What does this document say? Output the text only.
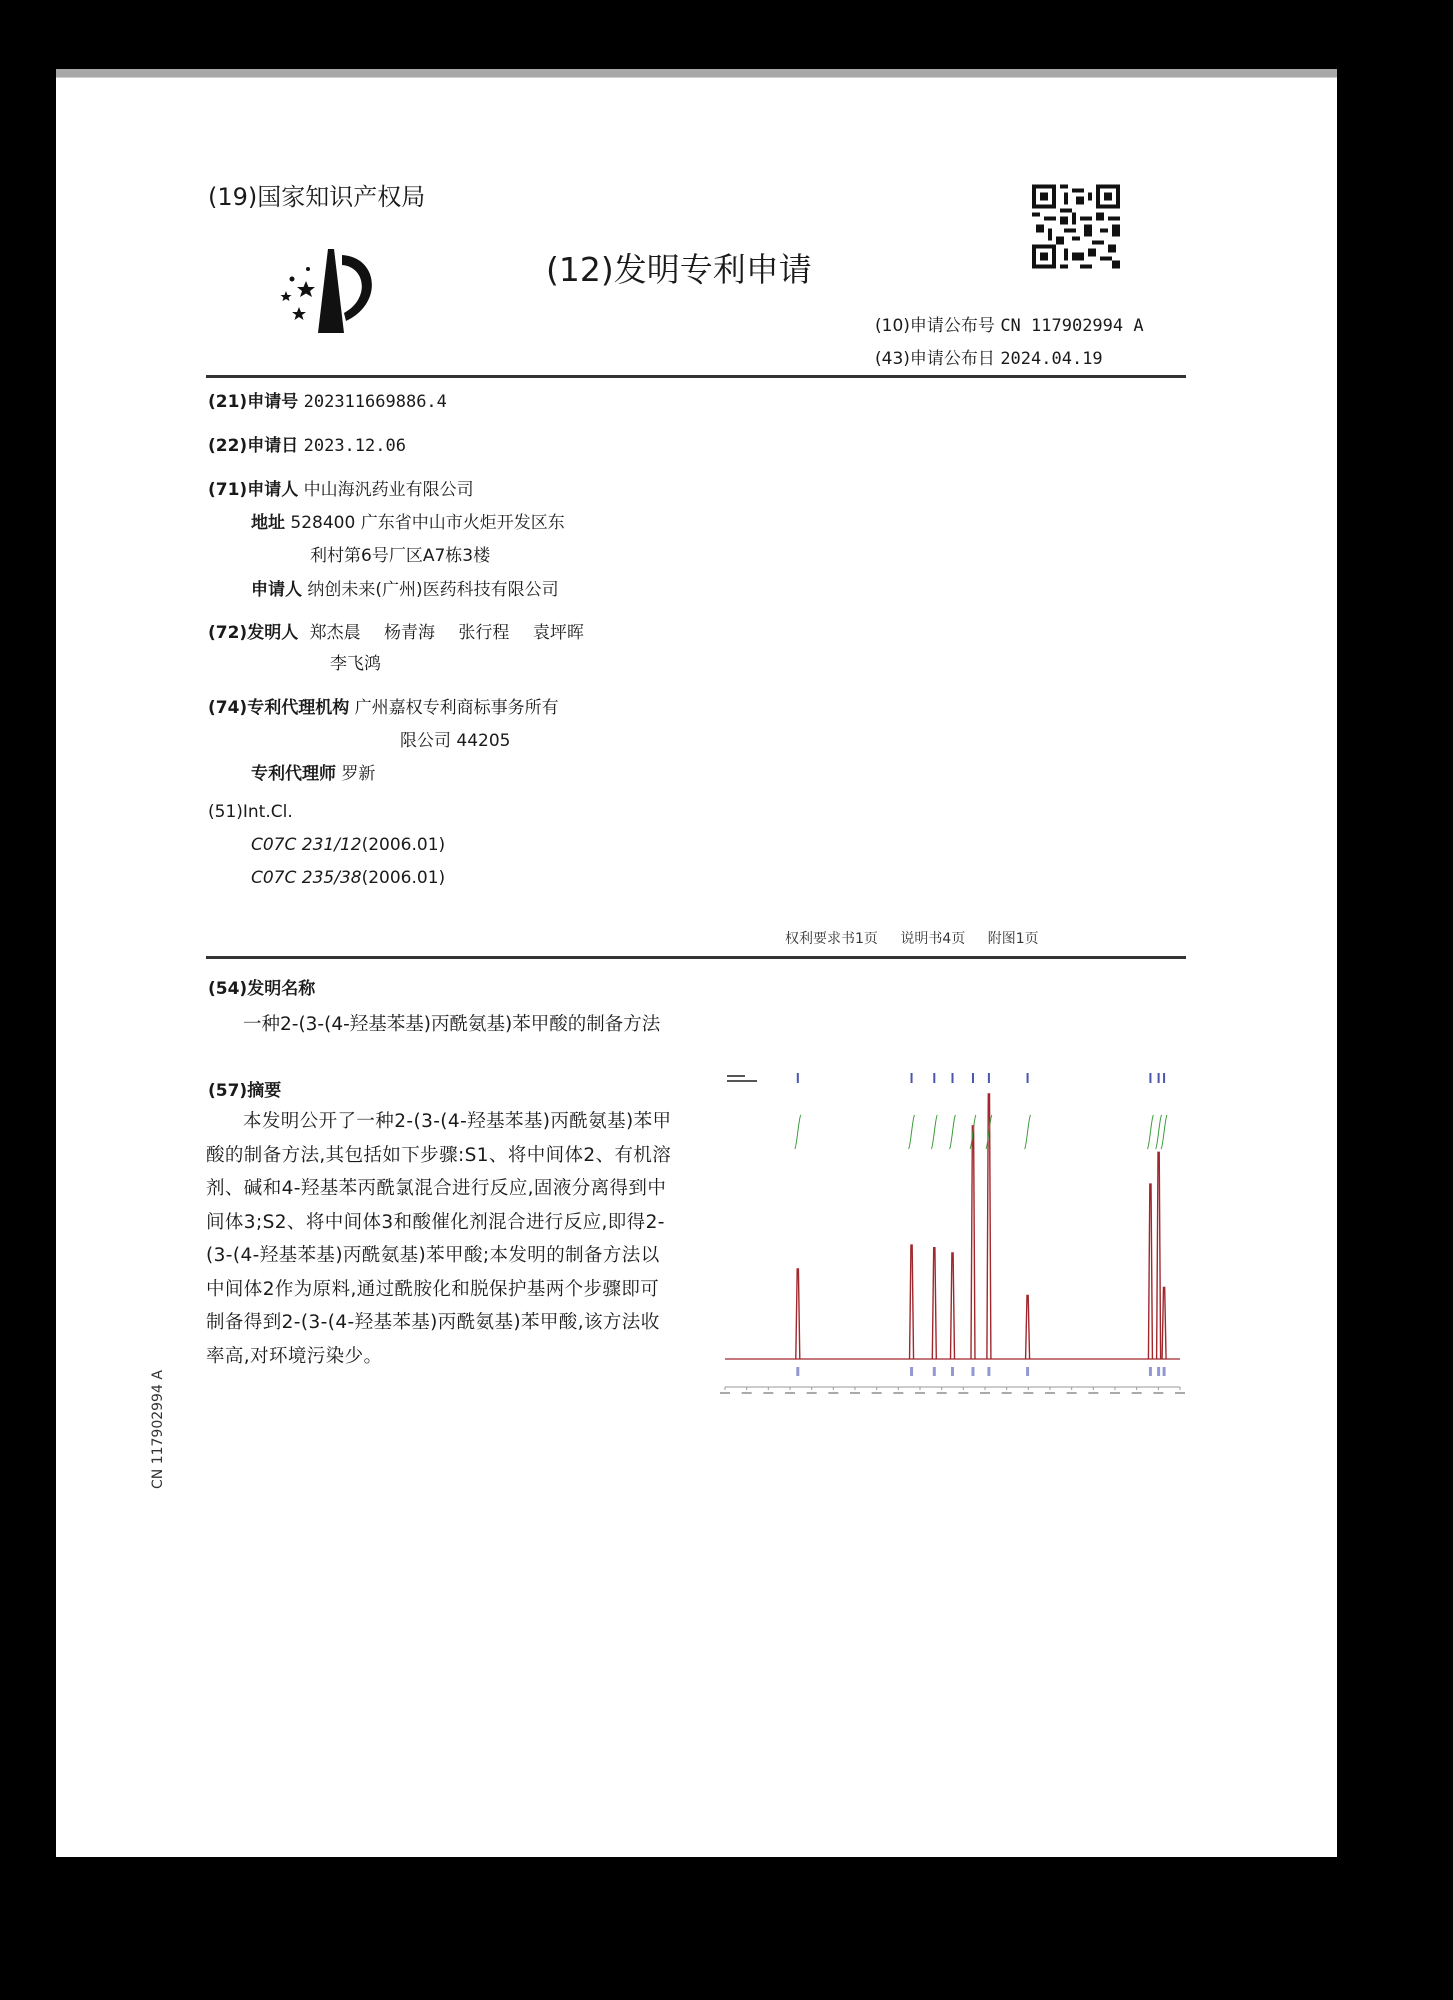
(19)国家知识产权局
(12)发明专利申请
(10)申请公布号 CN 117902994 A
(43)申请公布日 2024.04.19
(21)申请号 202311669886.4
(22)申请日 2023.12.06
(71)申请人 中山海汎药业有限公司
地址 528400 广东省中山市火炬开发区东
利村第6号厂区A7栋3楼
申请人 纳创未来(广州)医药科技有限公司
(72)发明人 郑杰晨 杨青海 张行程 袁坪晖
李飞鸿
(74)专利代理机构 广州嘉权专利商标事务所有
限公司 44205
专利代理师 罗新
(51)Int.Cl.
C07C 231/12(2006.01)
C07C 235/38(2006.01)
权利要求书1页 说明书4页 附图1页
(54)发明名称
一种2-(3-(4-羟基苯基)丙酰氨基)苯甲酸的制备方法
(57)摘要
本发明公开了一种2-(3-(4-羟基苯基)丙酰氨基)苯甲酸的制备方法,其包括如下步骤:S1、将中间体2、有机溶剂、碱和4-羟基苯丙酰氯混合进行反应,固液分离得到中间体3;S2、将中间体3和酸催化剂混合进行反应,即得2-(3-(4-羟基苯基)丙酰氨基)苯甲酸;本发明的制备方法以中间体2作为原料,通过酰胺化和脱保护基两个步骤即可制备得到2-(3-(4-羟基苯基)丙酰氨基)苯甲酸,该方法收率高,对环境污染少。
CN 117902994 A
